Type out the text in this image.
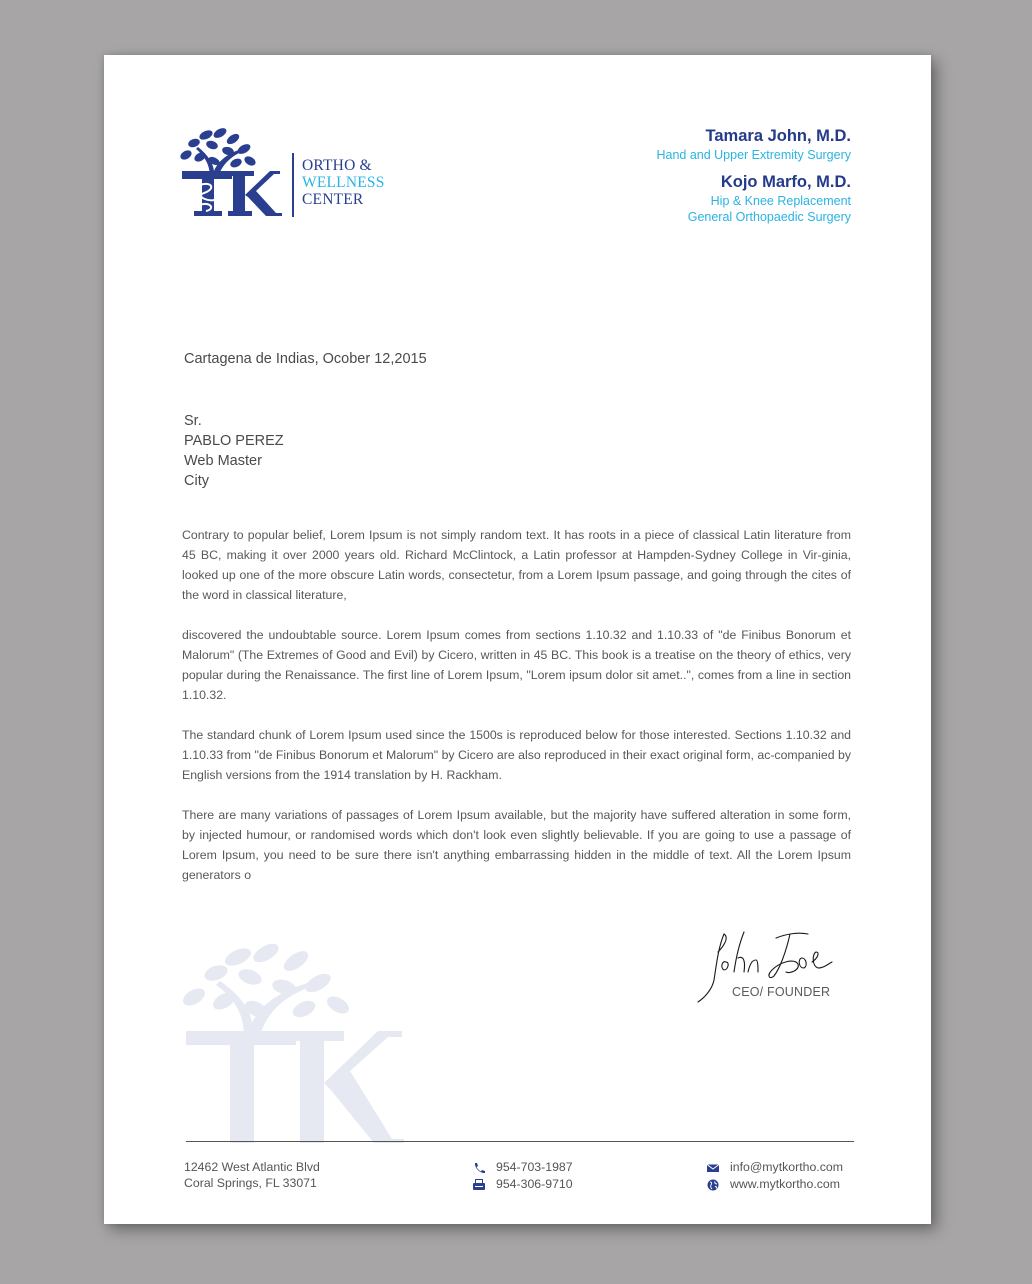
ORTHO &
WELLNESS
CENTER
Tamara John, M.D.
Hand and Upper Extremity Surgery
Kojo Marfo, M.D.
Hip & Knee Replacement
General Orthopaedic Surgery
Cartagena de Indias, Ocober 12,2015
Sr.
PABLO PEREZ
Web Master
City

Contrary to popular belief, Lorem Ipsum is not simply random text. It has roots in a piece of classical Latin literature from 45 BC, making it over 2000 years old. Richard McClintock, a Latin professor at Hampden-Sydney College in Vir-ginia, looked up one of the more obscure Latin words, consectetur, from a Lorem Ipsum passage, and going through the cites of the word in classical literature,

discovered the undoubtable source. Lorem Ipsum comes from sections 1.10.32 and 1.10.33 of "de Finibus Bonorum et Malorum" (The Extremes of Good and Evil) by Cicero, written in 45 BC. This book is a treatise on the theory of ethics, very popular during the Renaissance. The first line of Lorem Ipsum, "Lorem ipsum dolor sit amet..", comes from a line in section 1.10.32.

The standard chunk of Lorem Ipsum used since the 1500s is reproduced below for those interested. Sections 1.10.32 and 1.10.33 from "de Finibus Bonorum et Malorum" by Cicero are also reproduced in their exact original form, ac-companied by English versions from the 1914 translation by H. Rackham.

There are many variations of passages of Lorem Ipsum available, but the majority have suffered alteration in some form, by injected humour, or randomised words which don't look even slightly believable. If you are going to use a passage of Lorem Ipsum, you need to be sure there isn't anything embarrassing hidden in the middle of text. All the Lorem Ipsum generators o

CEO/ FOUNDER
12462 West Atlantic Blvd
Coral Springs, FL 33071
954-703-1987
954-306-9710
info@mytkortho.com
www.mytkortho.com
